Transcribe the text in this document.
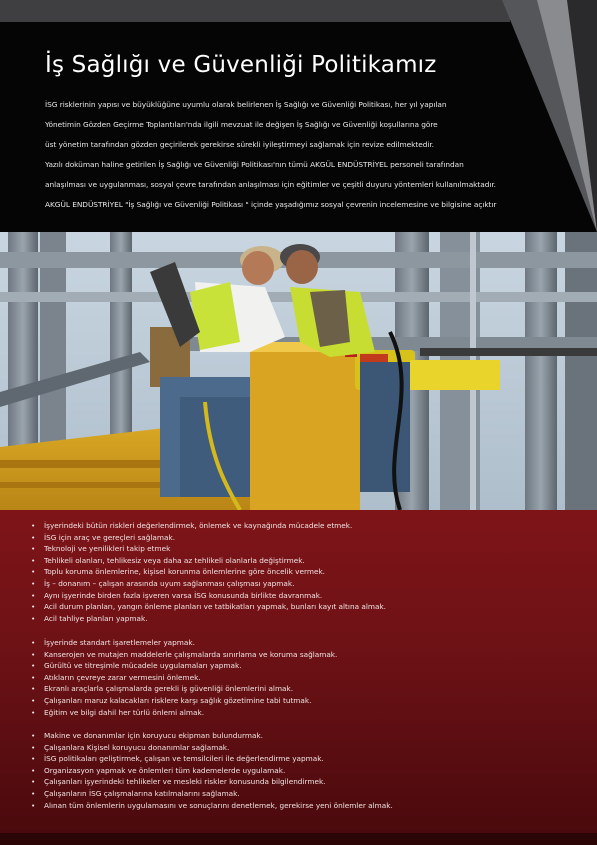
İş Sağlığı ve Güvenliği Politikamız

İSG risklerinin yapısı ve büyüklüğüne uyumlu olarak belirlenen İş Sağlığı ve Güvenliği Politikası, her yıl yapılan

Yönetimin Gözden Geçirme Toplantıları'nda ilgili mevzuat ile değişen İş Sağlığı ve Güvenliği koşullarına göre

üst yönetim tarafından gözden geçirilerek gerekirse sürekli iyileştirmeyi sağlamak için revize edilmektedir.

Yazılı doküman haline getirilen İş Sağlığı ve Güvenliği Politikası'nın tümü AKGÜL ENDÜSTRİYEL personeli tarafından

anlaşılması ve uygulanması, sosyal çevre tarafından anlaşılması için eğitimler ve çeşitli duyuru yöntemleri kullanılmaktadır.

AKGÜL ENDÜSTRİYEL "İş Sağlığı ve Güvenliği Politikası " içinde yaşadığımız sosyal çevrenin incelemesine ve bilgisine açıktır

• İşyerindeki bütün riskleri değerlendirmek, önlemek ve kaynağında mücadele etmek.
• İSG için araç ve gereçleri sağlamak.
• Teknoloji ve yenilikleri takip etmek
• Tehlikeli olanları, tehlikesiz veya daha az tehlikeli olanlarla değiştirmek.
• Toplu koruma önlemlerine, kişisel korunma önlemlerine göre öncelik vermek.
• İş – donanım – çalışan arasında uyum sağlanması çalışması yapmak.
• Aynı işyerinde birden fazla işveren varsa İSG konusunda birlikte davranmak.
• Acil durum planları, yangın önleme planları ve tatbikatları yapmak, bunları kayıt altına almak.
• Acil tahliye planları yapmak.
• İşyerinde standart işaretlemeler yapmak.
• Kanserojen ve mutajen maddelerle çalışmalarda sınırlama ve koruma sağlamak.
• Gürültü ve titreşimle mücadele uygulamaları yapmak.
• Atıkların çevreye zarar vermesini önlemek.
• Ekranlı araçlarla çalışmalarda gerekli iş güvenliği önlemlerini almak.
• Çalışanları maruz kalacakları risklere karşı sağlık gözetimine tabi tutmak.
• Eğitim ve bilgi dahil her türlü önlemi almak.
• Makine ve donanımlar için koruyucu ekipman bulundurmak.
• Çalışanlara Kişisel koruyucu donanımlar sağlamak.
• İSG politikaları geliştirmek, çalışan ve temsilcileri ile değerlendirme yapmak.
• Organizasyon yapmak ve önlemleri tüm kademelerde uygulamak.
• Çalışanları işyerindeki tehlikeler ve mesleki riskler konusunda bilgilendirmek.
• Çalışanların İSG çalışmalarına katılmalarını sağlamak.
• Alınan tüm önlemlerin uygulamasını ve sonuçlarını denetlemek, gerekirse yeni önlemler almak.
